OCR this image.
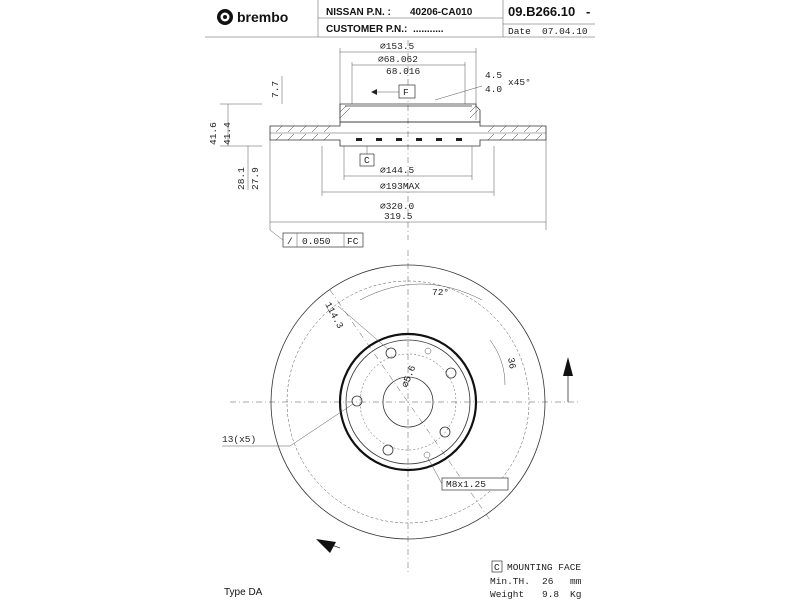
brembo	NISSAN P.N. : 40206-CA010
CUSTOMER P.N.: ...........
09.B266.10 -
Date 07.04.10
∅153.5
∅68.062
68.016	4.5
4.0
x45°
F
7.7
41.6 41.4
28.1 27.9
C
∅144.5
∅193MAX
∅320.0
319.5
/ 0.050 FC
72°
114.3
∅5.6
36
13(x5)
M8x1.25
C MOUNTING FACE
Min.TH. 26 mm
Weight 9.8 Kg
Type DA
